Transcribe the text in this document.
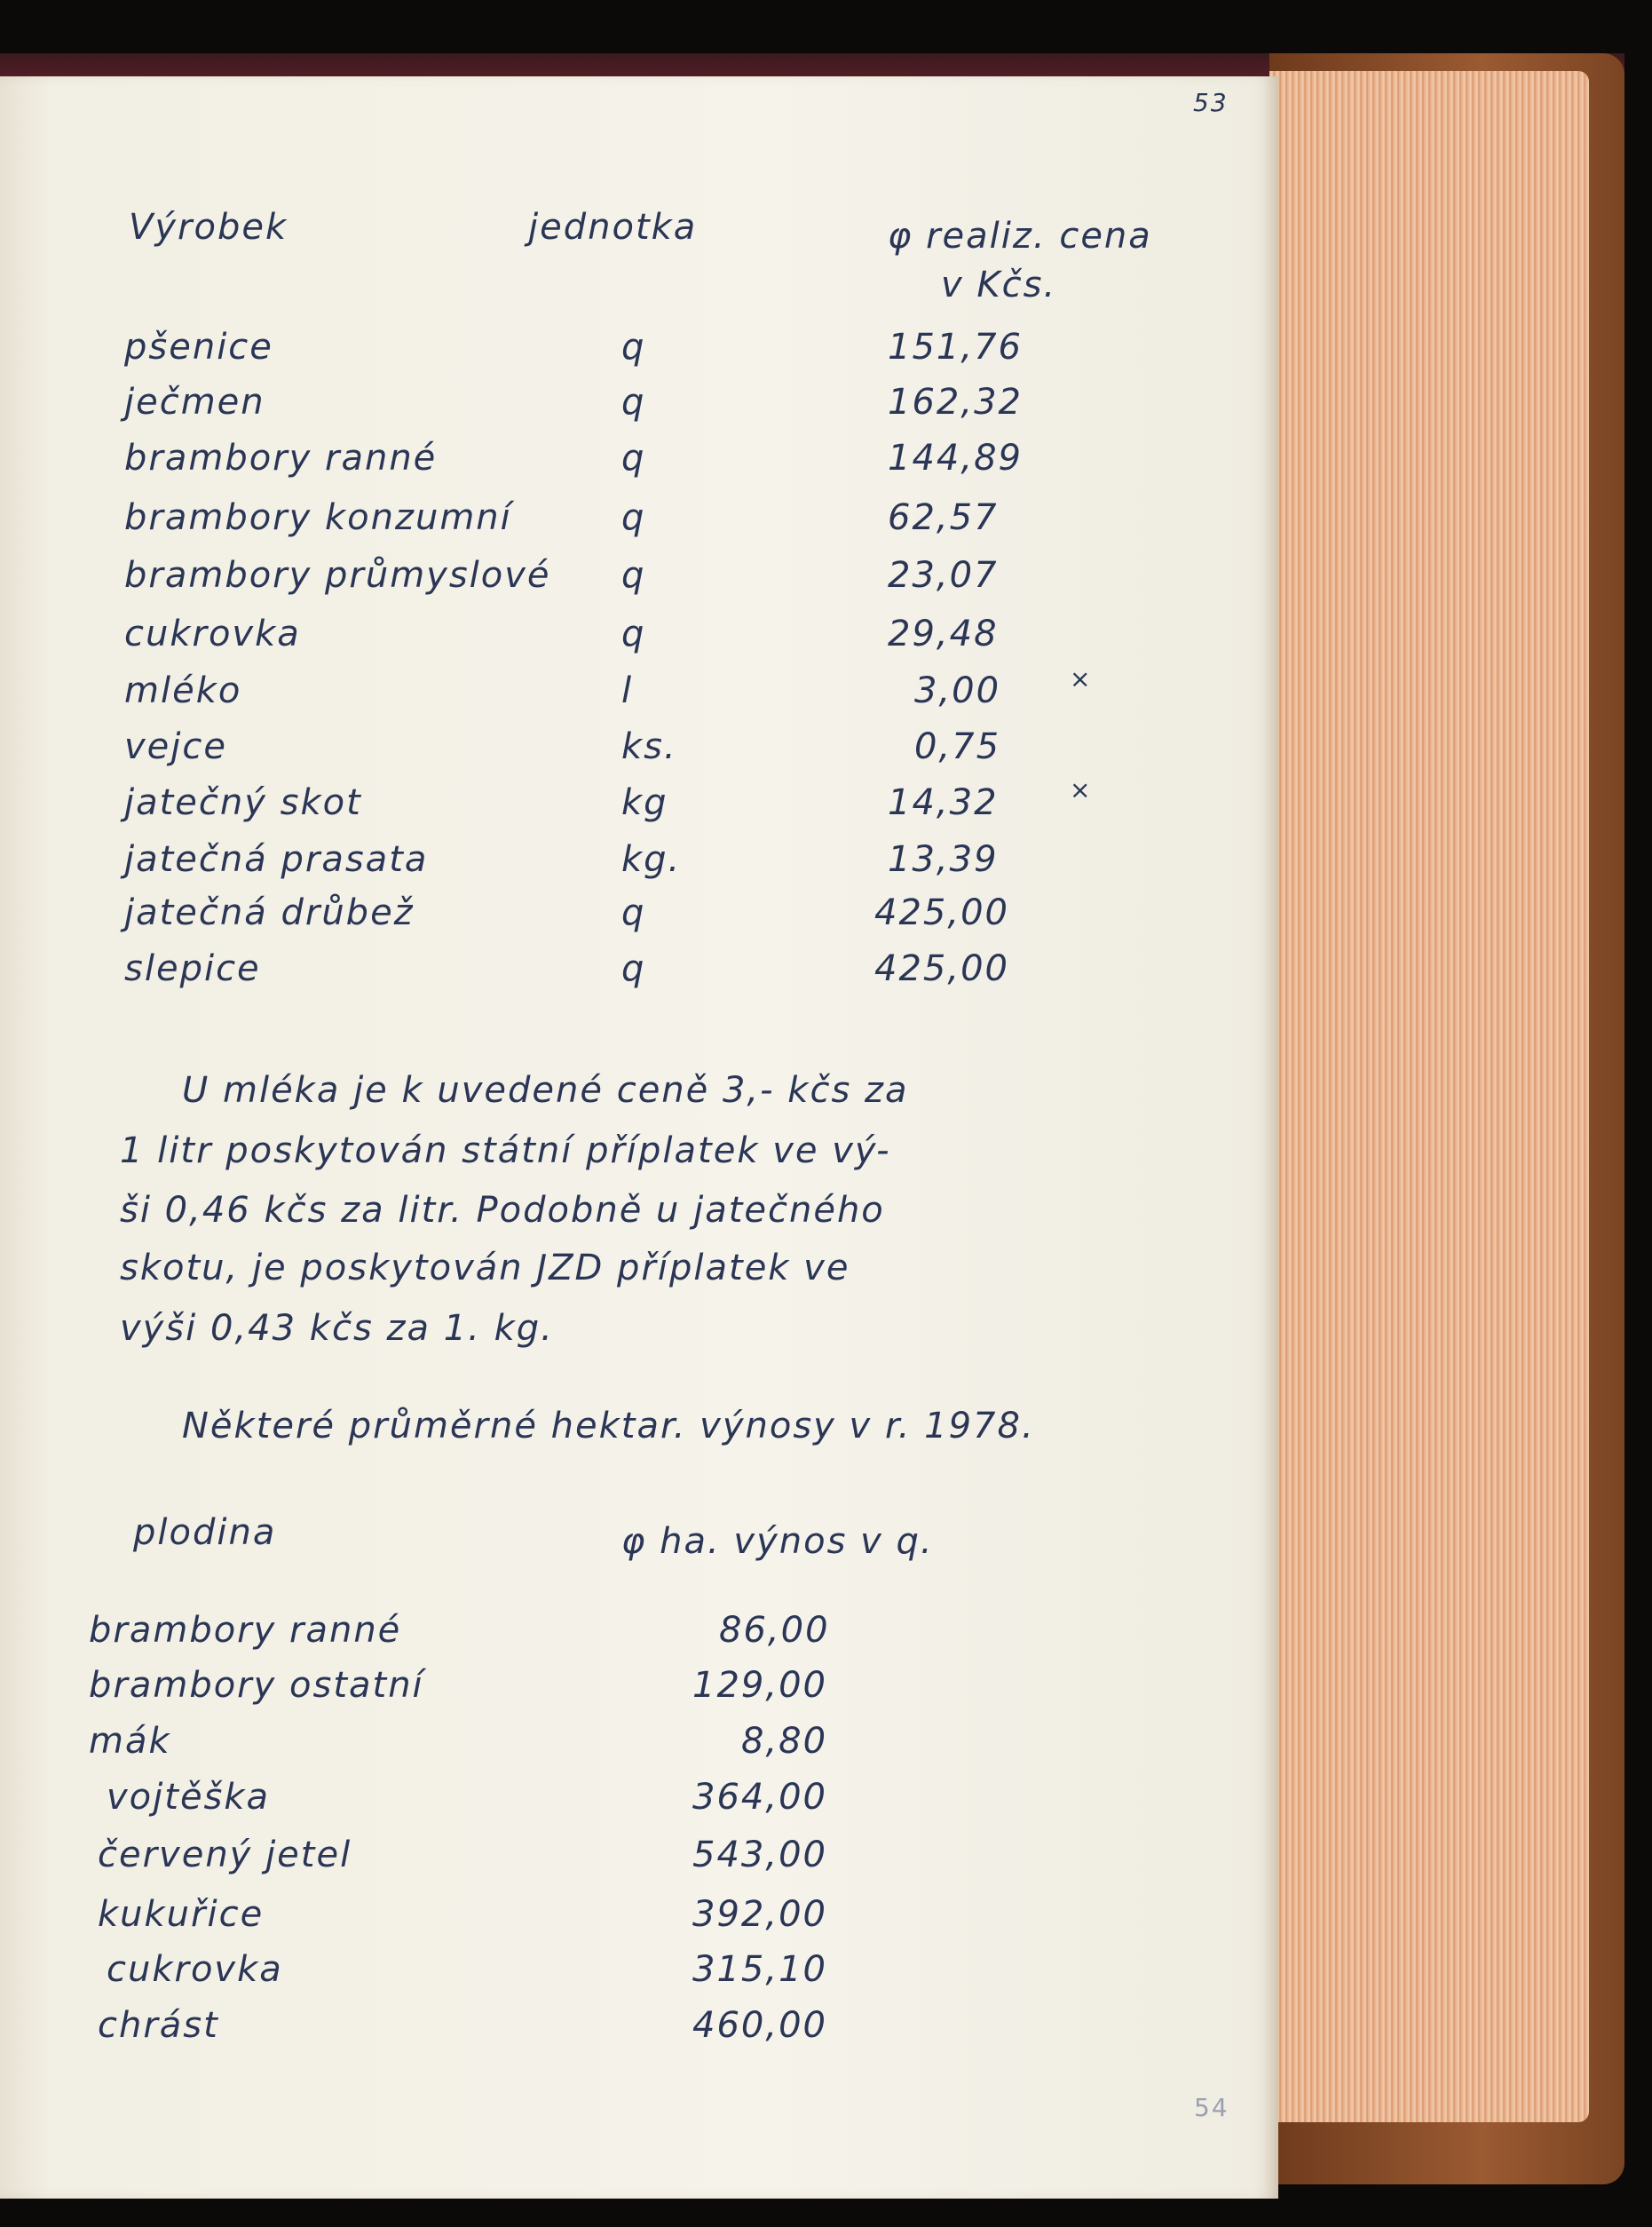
53
Výrobek	jednotka	φ realiz. cena
v Kčs.
pšenice	q	151,76
ječmen	q	162,32
brambory ranné	q	144,89
brambory konzumní	q	62,57
brambory průmyslové q	23,07
cukrovka	q	29,48
mléko	l	3,00	×
vejce	ks.	0,75
jatečný skot	kg	14,32	×
jatečná prasata	kg.	13,39
jatečná drůbež	q	425,00
slepice	q	425,00
U mléka je k uvedené ceně 3,- kčs za
1 litr poskytován státní příplatek ve vý-
ši 0,46 kčs za litr. Podobně u jatečného
skotu, je poskytován JZD příplatek ve
výši 0,43 kčs za 1. kg.
Některé průměrné hektar. výnosy v r. 1978.
plodina	φ ha. výnos v q.
brambory ranné	86,00
brambory ostatní	129,00
mák	8,80
vojtěška	364,00
červený jetel	543,00
kukuřice	392,00
cukrovka	315,10
chrást	460,00
54
